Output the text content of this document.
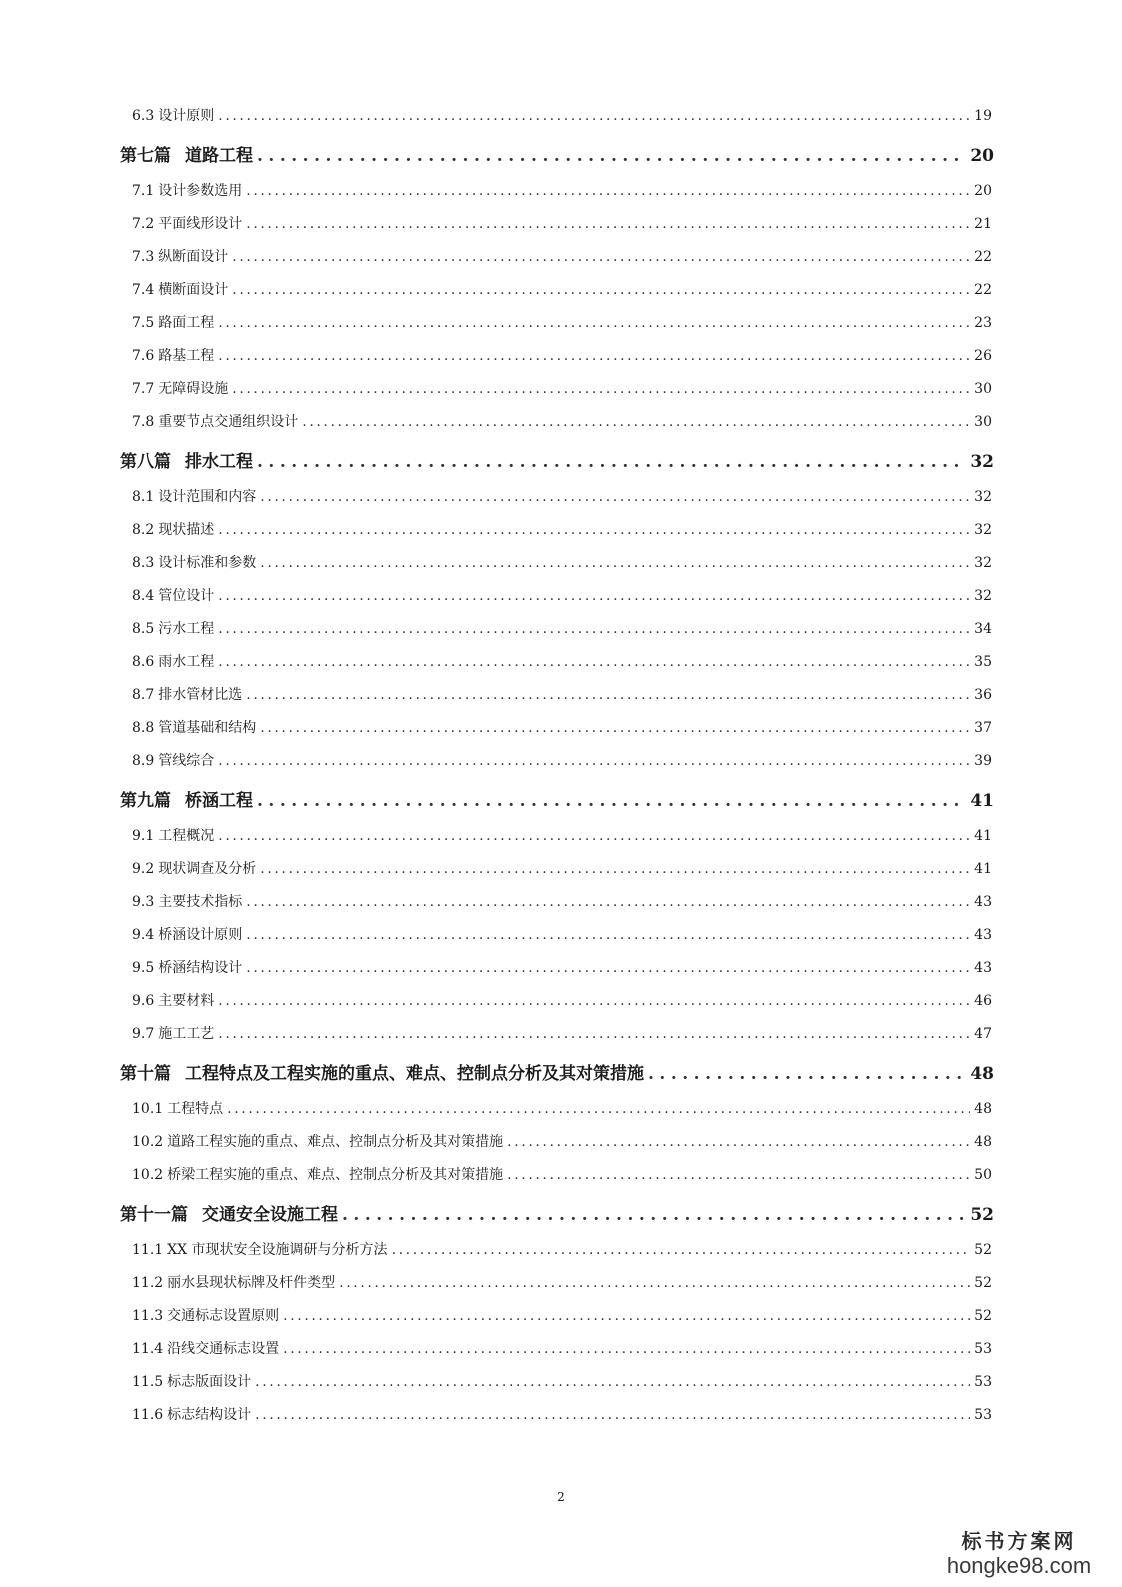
6.3 设计原则 .....	19
第七篇 道路工程 .....	20
7.1 设计参数选用 .....	20
7.2 平面线形设计 .....	21
7.3 纵断面设计 .....	22
7.4 横断面设计 .....	22
7.5 路面工程 .....	23
7.6 路基工程 .....	26
7.7 无障碍设施 .....	30
7.8 重要节点交通组织设计 .....	30
第八篇 排水工程 .....	32
8.1 设计范围和内容 .....	32
8.2 现状描述 .....	32
8.3 设计标准和参数 .....	32
8.4 管位设计 .....	32
8.5 污水工程 .....	34
8.6 雨水工程 .....	35
8.7 排水管材比选 .....	36
8.8 管道基础和结构 .....	37
8.9 管线综合 .....	39
第九篇 桥涵工程 .....	41
9.1 工程概况 .....	41
9.2 现状调查及分析 .....	41
9.3 主要技术指标 .....	43
9.4 桥涵设计原则 .....	43
9.5 桥涵结构设计 .....	43
9.6 主要材料 .....	46
9.7 施工工艺 .....	47
第十篇 工程特点及工程实施的重点、难点、控制点分析及其对策措施 .....	48
10.1 工程特点 .....	48
10.2 道路工程实施的重点、难点、控制点分析及其对策措施 .....	48
10.2 桥梁工程实施的重点、难点、控制点分析及其对策措施 .....	50
第十一篇 交通安全设施工程 .....	52
11.1 XX 市现状安全设施调研与分析方法 .....	52
11.2 丽水县现状标牌及杆件类型 .....	52
11.3 交通标志设置原则 .....	52
11.4 沿线交通标志设置 .....	53
11.5 标志版面设计 .....	53
11.6 标志结构设计 .....	53
2
标书方案网
hongke98.com
